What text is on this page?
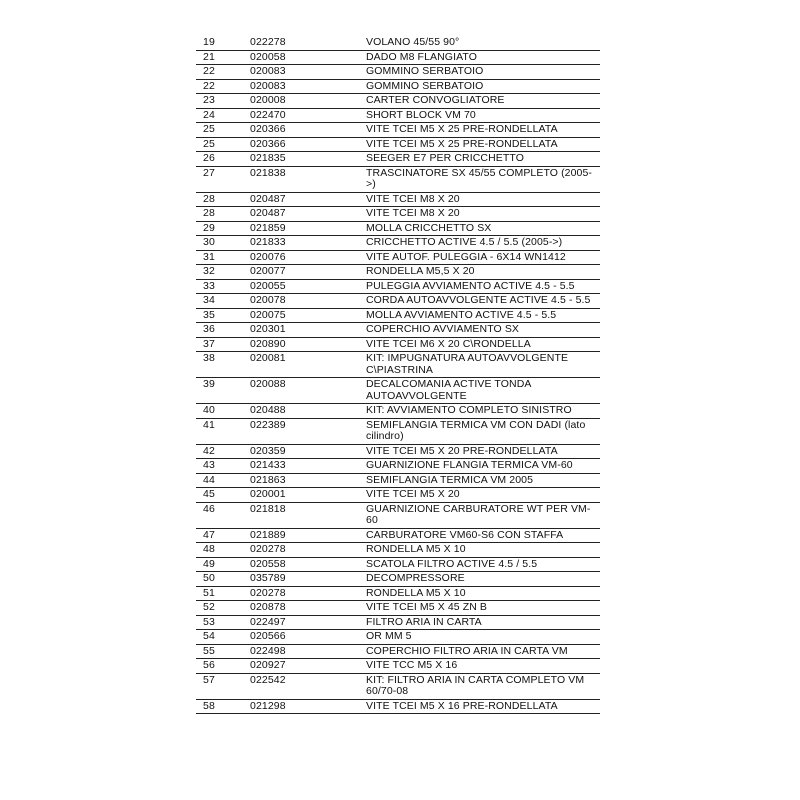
19	022278	VOLANO 45/55 90°
21	020058	DADO M8 FLANGIATO
22	020083	GOMMINO SERBATOIO
22	020083	GOMMINO SERBATOIO
23	020008	CARTER CONVOGLIATORE
24	022470	SHORT BLOCK VM 70
25	020366	VITE TCEI M5 X 25 PRE-RONDELLATA
25	020366	VITE TCEI M5 X 25 PRE-RONDELLATA
26	021835	SEEGER E7 PER CRICCHETTO
27	021838	TRASCINATORE SX 45/55 COMPLETO (2005->)
28	020487	VITE TCEI M8 X 20
28	020487	VITE TCEI M8 X 20
29	021859	MOLLA CRICCHETTO SX
30	021833	CRICCHETTO ACTIVE 4.5 / 5.5 (2005->)
31	020076	VITE AUTOF. PULEGGIA - 6X14 WN1412
32	020077	RONDELLA M5,5 X 20
33	020055	PULEGGIA AVVIAMENTO ACTIVE 4.5 - 5.5
34	020078	CORDA AUTOAVVOLGENTE ACTIVE 4.5 - 5.5
35	020075	MOLLA AVVIAMENTO ACTIVE 4.5 - 5.5
36	020301	COPERCHIO AVVIAMENTO SX
37	020890	VITE TCEI M6 X 20 C\RONDELLA
38	020081	KIT: IMPUGNATURA AUTOAVVOLGENTE C\PIASTRINA
39	020088	DECALCOMANIA ACTIVE TONDA AUTOAVVOLGENTE
40	020488	KIT: AVVIAMENTO COMPLETO SINISTRO
41	022389	SEMIFLANGIA TERMICA VM CON DADI (lato cilindro)
42	020359	VITE TCEI M5 X 20 PRE-RONDELLATA
43	021433	GUARNIZIONE FLANGIA TERMICA VM-60
44	021863	SEMIFLANGIA TERMICA VM 2005
45	020001	VITE TCEI M5 X 20
46	021818	GUARNIZIONE CARBURATORE WT PER VM-60
47	021889	CARBURATORE VM60-S6 CON STAFFA
48	020278	RONDELLA M5 X 10
49	020558	SCATOLA FILTRO ACTIVE 4.5 / 5.5
50	035789	DECOMPRESSORE
51	020278	RONDELLA M5 X 10
52	020878	VITE TCEI M5 X 45 ZN B
53	022497	FILTRO ARIA IN CARTA
54	020566	OR MM 5
55	022498	COPERCHIO FILTRO ARIA IN CARTA VM
56	020927	VITE TCC M5 X 16
57	022542	KIT: FILTRO ARIA IN CARTA COMPLETO VM 60/70-08
58	021298	VITE TCEI M5 X 16 PRE-RONDELLATA
